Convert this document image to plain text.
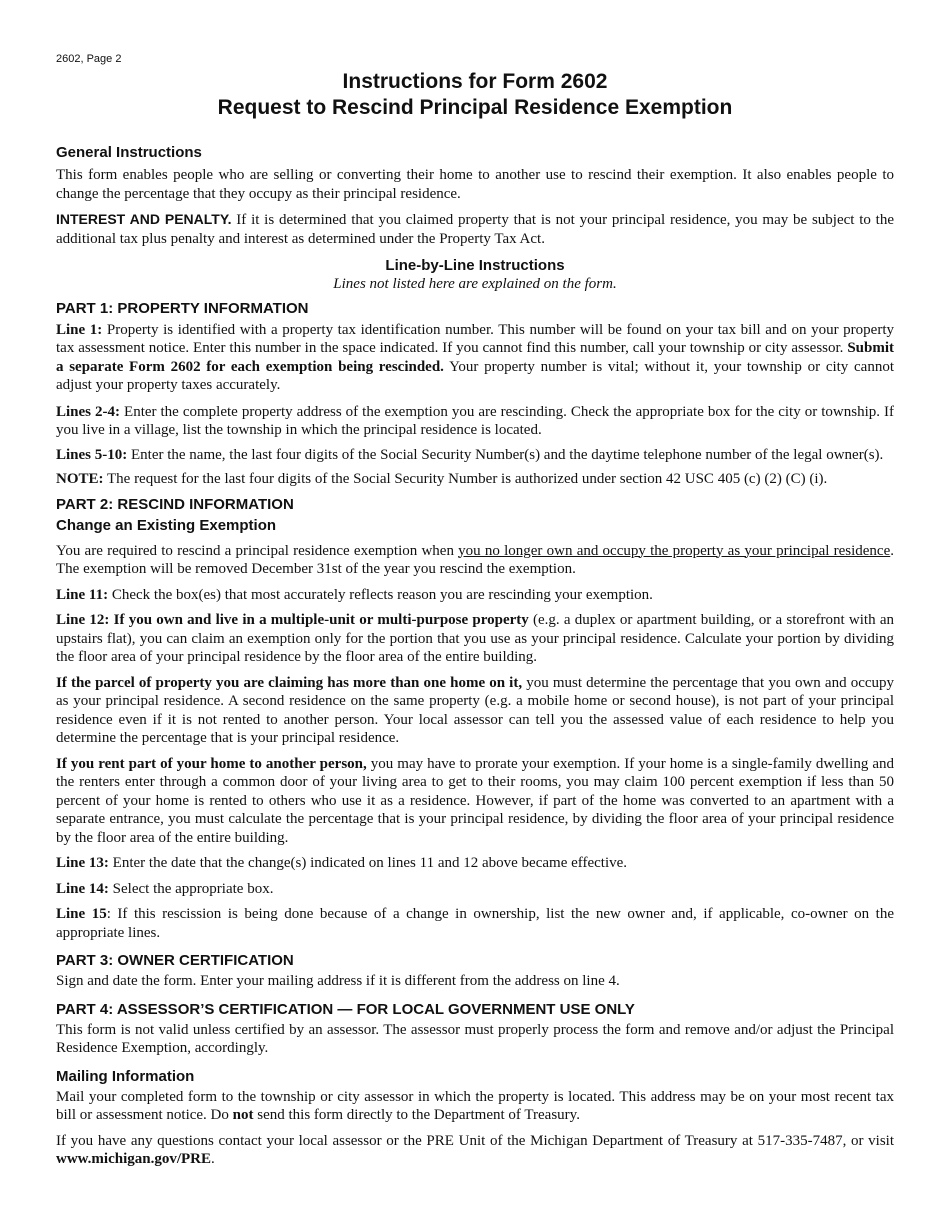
2602, Page 2
Instructions for Form 2602
Request to Rescind Principal Residence Exemption
General Instructions

This form enables people who are selling or converting their home to another use to rescind their exemption. It also enables people to change the percentage that they occupy as their principal residence.

INTEREST AND PENALTY. If it is determined that you claimed property that is not your principal residence, you may be subject to the additional tax plus penalty and interest as determined under the Property Tax Act.

Line-by-Line Instructions

Lines not listed here are explained on the form.

PART 1: PROPERTY INFORMATION

Line 1: Property is identified with a property tax identification number. This number will be found on your tax bill and on your property tax assessment notice. Enter this number in the space indicated. If you cannot find this number, call your township or city assessor. Submit a separate Form 2602 for each exemption being rescinded. Your property number is vital; without it, your township or city cannot adjust your property taxes accurately.

Lines 2-4: Enter the complete property address of the exemption you are rescinding. Check the appropriate box for the city or township. If you live in a village, list the township in which the principal residence is located.

Lines 5-10: Enter the name, the last four digits of the Social Security Number(s) and the daytime telephone number of the legal owner(s).

NOTE: The request for the last four digits of the Social Security Number is authorized under section 42 USC 405 (c) (2) (C) (i).

PART 2: RESCIND INFORMATION
Change an Existing Exemption

You are required to rescind a principal residence exemption when you no longer own and occupy the property as your principal residence. The exemption will be removed December 31st of the year you rescind the exemption.

Line 11: Check the box(es) that most accurately reflects reason you are rescinding your exemption.

Line 12: If you own and live in a multiple-unit or multi-purpose property (e.g. a duplex or apartment building, or a storefront with an upstairs flat), you can claim an exemption only for the portion that you use as your principal residence. Calculate your portion by dividing the floor area of your principal residence by the floor area of the entire building.

If the parcel of property you are claiming has more than one home on it, you must determine the percentage that you own and occupy as your principal residence. A second residence on the same property (e.g. a mobile home or second house), is not part of your principal residence even if it is not rented to another person. Your local assessor can tell you the assessed value of each residence to help you determine the percentage that is your principal residence.

If you rent part of your home to another person, you may have to prorate your exemption. If your home is a single-family dwelling and the renters enter through a common door of your living area to get to their rooms, you may claim 100 percent exemption if less than 50 percent of your home is rented to others who use it as a residence. However, if part of the home was converted to an apartment with a separate entrance, you must calculate the percentage that is your principal residence, by dividing the floor area of your principal residence by the floor area of the entire building.

Line 13: Enter the date that the change(s) indicated on lines 11 and 12 above became effective.

Line 14: Select the appropriate box.

Line 15: If this rescission is being done because of a change in ownership, list the new owner and, if applicable, co-owner on the appropriate lines.

PART 3: OWNER CERTIFICATION

Sign and date the form. Enter your mailing address if it is different from the address on line 4.

PART 4: ASSESSOR’S CERTIFICATION — FOR LOCAL GOVERNMENT USE ONLY

This form is not valid unless certified by an assessor. The assessor must properly process the form and remove and/or adjust the Principal Residence Exemption, accordingly.

Mailing Information

Mail your completed form to the township or city assessor in which the property is located. This address may be on your most recent tax bill or assessment notice. Do not send this form directly to the Department of Treasury.

If you have any questions contact your local assessor or the PRE Unit of the Michigan Department of Treasury at 517-335-7487, or visit www.michigan.gov/PRE.
